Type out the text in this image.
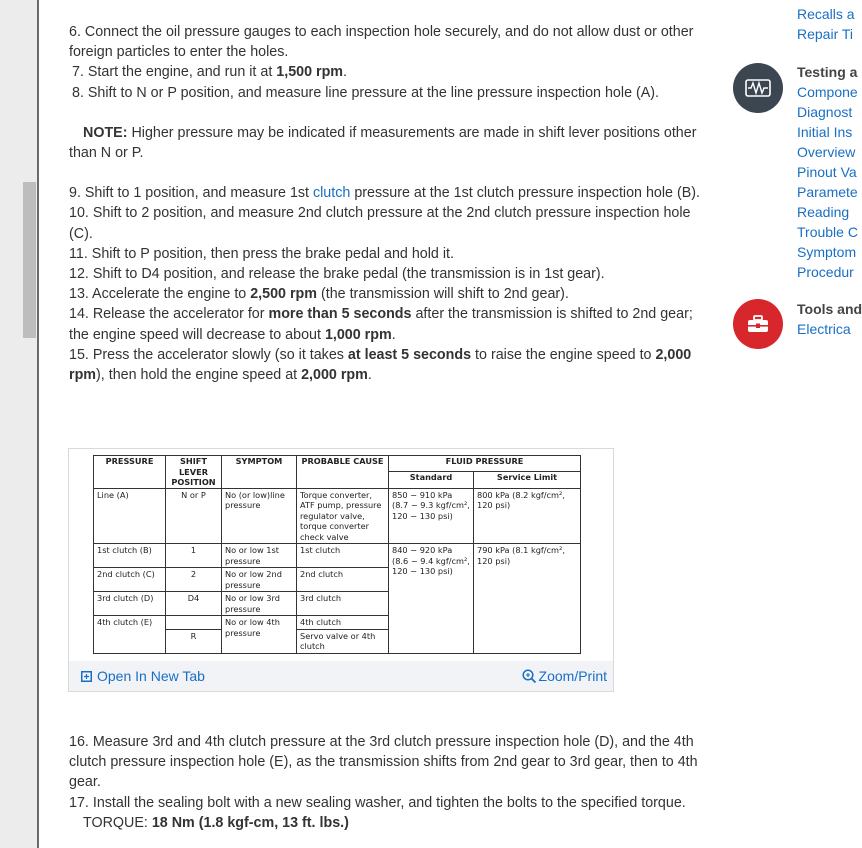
6. Connect the oil pressure gauges to each inspection hole securely, and do not allow dust or other foreign particles to enter the holes.

7. Start the engine, and run it at 1,500 rpm.

8. Shift to N or P position, and measure line pressure at the line pressure inspection hole (A).

NOTE: Higher pressure may be indicated if measurements are made in shift lever positions other

than N or P.

9. Shift to 1 position, and measure 1st clutch pressure at the 1st clutch pressure inspection hole (B).

10. Shift to 2 position, and measure 2nd clutch pressure at the 2nd clutch pressure inspection hole (C).

11. Shift to P position, then press the brake pedal and hold it.

12. Shift to D4 position, and release the brake pedal (the transmission is in 1st gear).

13. Accelerate the engine to 2,500 rpm (the transmission will shift to 2nd gear).

14. Release the accelerator for more than 5 seconds after the transmission is shifted to 2nd gear; the engine speed will decrease to about 1,000 rpm.

15. Press the accelerator slowly (so it takes at least 5 seconds to raise the engine speed to 2,000 rpm), then hold the engine speed at 2,000 rpm.

PRESSURE	SHIFT LEVER POSITION	SYMPTOM	PROBABLE CAUSE	FLUID PRESSURE	
				Standard	Service Limit
Line (A)	N or P	No (or low)line pressure	Torque converter, ATF pump, pressure regulator valve, torque converter check valve	850 − 910 kPa (8.7 − 9.3 kgf/cm², 120 − 130 psi)	800 kPa (8.2 kgf/cm², 120 psi)
1st clutch (B)	1	No or low 1st pressure	1st clutch	840 − 920 kPa (8.6 − 9.4 kgf/cm², 120 − 130 psi)	790 kPa (8.1 kgf/cm², 120 psi)
2nd clutch (C)	2	No or low 2nd pressure	2nd clutch		
3rd clutch (D)	D4	No or low 3rd pressure	3rd clutch		
4th clutch (E)		No or low 4th pressure	4th clutch		
	R		Servo valve or 4th clutch		
Open In New Tab	Zoom/Print

16. Measure 3rd and 4th clutch pressure at the 3rd clutch pressure inspection hole (D), and the 4th clutch pressure inspection hole (E), as the transmission shifts from 2nd gear to 3rd gear, then to 4th gear.

17. Install the sealing bolt with a new sealing washer, and tighten the bolts to the specified torque.

TORQUE: 18 Nm (1.8 kgf-cm, 13 ft. lbs.)

Recalls a
Repair Ti
Testing a
Compone
Diagnost
Initial Ins
Overview
Pinout Va
Paramete
Reading
Trouble C
Symptom
Procedur
Tools and
Electrica
